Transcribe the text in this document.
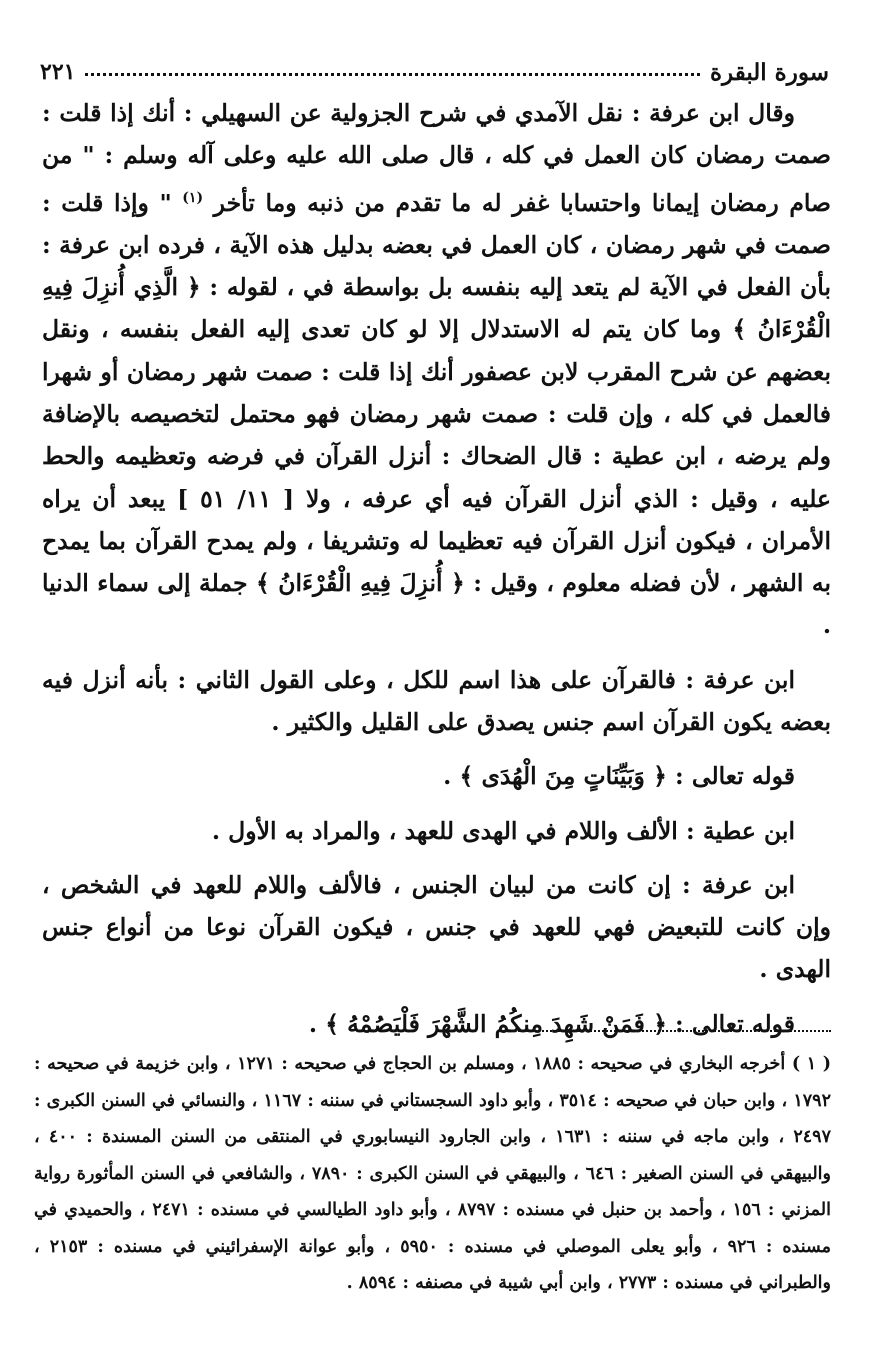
٢٢١	سورة البقرة

وقال ابن عرفة : نقل الآمدي في شرح الجزولية عن السهيلي : أنك إذا قلت : صمت رمضان كان العمل في كله ، قال صلى الله عليه وعلى آله وسلم : " من صام رمضان إيمانا واحتسابا غفر له ما تقدم من ذنبه وما تأخر $^{(١)}$ " وإذا قلت : صمت في شهر رمضان ، كان العمل في بعضه بدليل هذه الآية ، فرده ابن عرفة : بأن الفعل في الآية لم يتعد إليه بنفسه بل بواسطة في ، لقوله : ﴿ الَّذِي أُنزِلَ فِيهِ الْقُرْءَانُ ﴾ وما كان يتم له الاستدلال إلا لو كان تعدى إليه الفعل بنفسه ، ونقل بعضهم عن شرح المقرب لابن عصفور أنك إذا قلت : صمت شهر رمضان أو شهرا فالعمل في كله ، وإن قلت : صمت شهر رمضان فهو محتمل لتخصيصه بالإضافة ولم يرضه ، ابن عطية : قال الضحاك : أنزل القرآن في فرضه وتعظيمه والحط عليه ، وقيل : الذي أنزل القرآن فيه أي عرفه ، ولا [ ١١/ ٥١ ] يبعد أن يراه الأمران ، فيكون أنزل القرآن فيه تعظيما له وتشريفا ، ولم يمدح القرآن بما يمدح به الشهر ، لأن فضله معلوم ، وقيل : ﴿ أُنزِلَ فِيهِ الْقُرْءَانُ ﴾ جملة إلى سماء الدنيا .

ابن عرفة : فالقرآن على هذا اسم للكل ، وعلى القول الثاني : بأنه أنزل فيه بعضه يكون القرآن اسم جنس يصدق على القليل والكثير .

قوله تعالى : ﴿ وَبَيِّنَاتٍ مِنَ الْهُدَى ﴾ .

ابن عطية : الألف واللام في الهدى للعهد ، والمراد به الأول .

ابن عرفة : إن كانت من لبيان الجنس ، فالألف واللام للعهد في الشخص ، وإن كانت للتبعيض فهي للعهد في جنس ، فيكون القرآن نوعا من أنواع جنس الهدى .

قوله تعالى : ﴿ فَمَنْ شَهِدَ مِنكُمُ الشَّهْرَ فَلْيَصُمْهُ ﴾ .

( ١ ) أخرجه البخاري في صحيحه : ١٨٨٥ ، ومسلم بن الحجاج في صحيحه : ١٢٧١ ، وابن خزيمة في صحيحه : ١٧٩٢ ، وابن حبان في صحيحه : ٣٥١٤ ، وأبو داود السجستاني في سننه : ١١٦٧ ، والنسائي في السنن الكبرى : ٢٤٩٧ ، وابن ماجه في سننه : ١٦٣١ ، وابن الجارود النيسابوري في المنتقى من السنن المسندة : ٤٠٠ ، والبيهقي في السنن الصغير : ٦٤٦ ، والبيهقي في السنن الكبرى : ٧٨٩٠ ، والشافعي في السنن المأثورة رواية المزني : ١٥٦ ، وأحمد بن حنبل في مسنده : ٨٧٩٧ ، وأبو داود الطيالسي في مسنده : ٢٤٧١ ، والحميدي في مسنده : ٩٢٦ ، وأبو يعلى الموصلي في مسنده : ٥٩٥٠ ، وأبو عوانة الإسفرائيني في مسنده : ٢١٥٣ ، والطبراني في مسنده : ٢٧٧٣ ، وابن أبي شيبة في مصنفه : ٨٥٩٤ .
